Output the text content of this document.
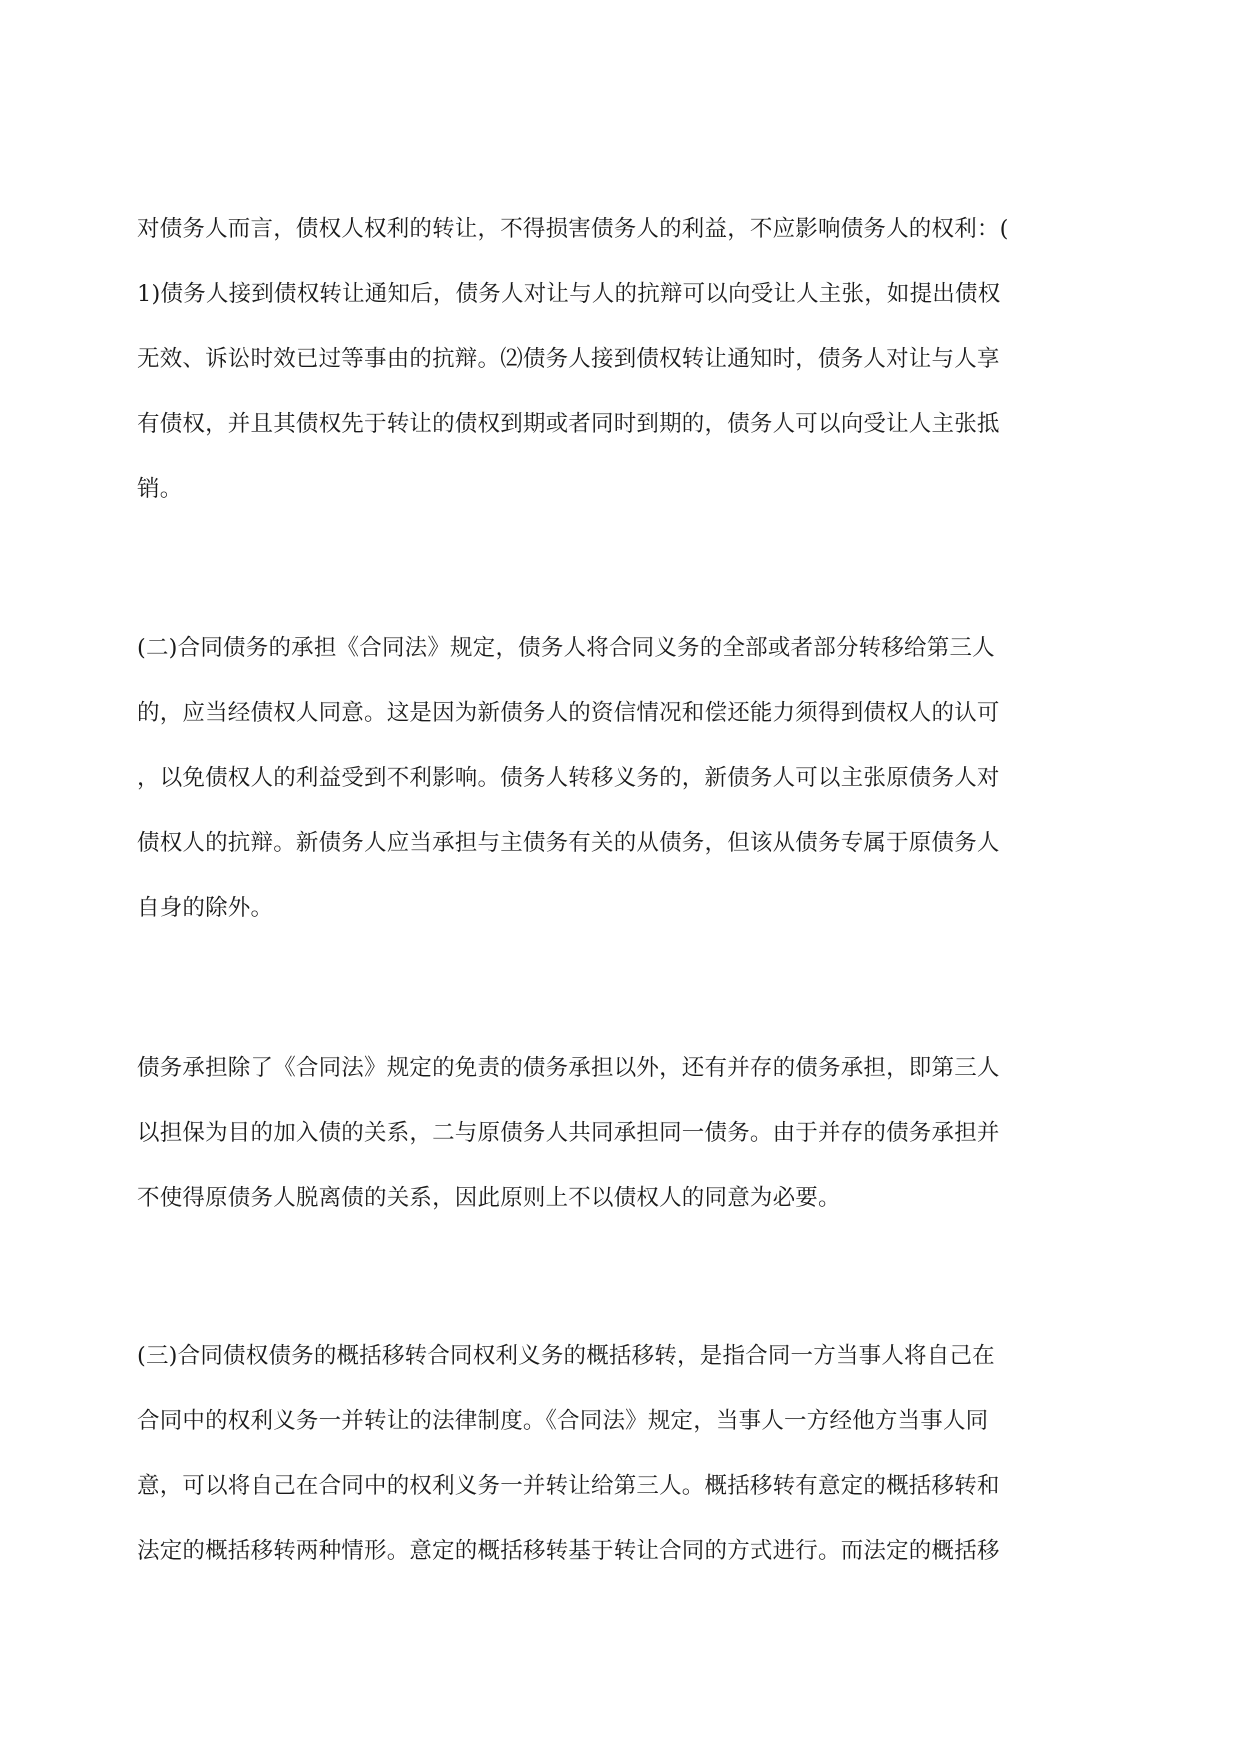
对债务人而言，债权人权利的转让，不得损害债务人的利益，不应影响债务人的权利：(
1)债务人接到债权转让通知后，债务人对让与人的抗辩可以向受让人主张，如提出债权
无效、诉讼时效已过等事由的抗辩。⑵债务人接到债权转让通知时，债务人对让与人享
有债权，并且其债权先于转让的债权到期或者同时到期的，债务人可以向受让人主张抵
销。

(二)合同债务的承担《合同法》规定，债务人将合同义务的全部或者部分转移给第三人
的，应当经债权人同意。这是因为新债务人的资信情况和偿还能力须得到债权人的认可
，以免债权人的利益受到不利影响。债务人转移义务的，新债务人可以主张原债务人对
债权人的抗辩。新债务人应当承担与主债务有关的从债务，但该从债务专属于原债务人
自身的除外。

债务承担除了《合同法》规定的免责的债务承担以外，还有并存的债务承担，即第三人
以担保为目的加入债的关系，二与原债务人共同承担同一债务。由于并存的债务承担并
不使得原债务人脱离债的关系，因此原则上不以债权人的同意为必要。

(三)合同债权债务的概括移转合同权利义务的概括移转，是指合同一方当事人将自己在
合同中的权利义务一并转让的法律制度。《合同法》规定，当事人一方经他方当事人同
意，可以将自己在合同中的权利义务一并转让给第三人。概括移转有意定的概括移转和
法定的概括移转两种情形。意定的概括移转基于转让合同的方式进行。而法定的概括移
